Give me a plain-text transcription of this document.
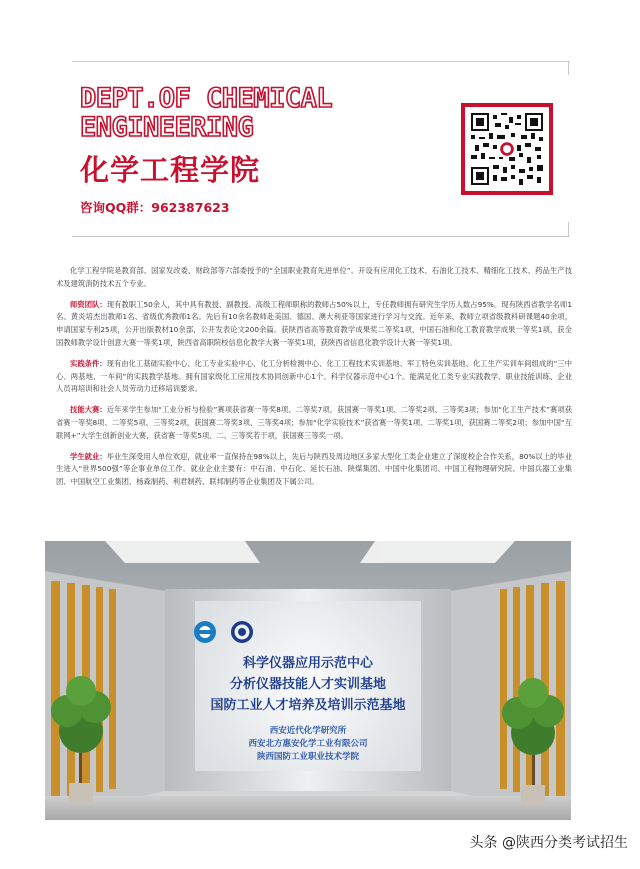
DEPT.OF CHEMICAL
ENGINEERING
化学工程学院
咨询QQ群：962387623

化学工程学院是教育部、国家发改委、财政部等六部委授予的“全国职业教育先进单位”。开设有应用化工技术、石油化工技术、精细化工技术、药品生产技术及建筑消防技术五个专业。

师资团队：现有教职工50余人，其中具有教授、副教授、高级工程师职称的教师占50%以上，专任教师拥有研究生学历人数占95%。现有陕西省教学名师1名、黄炎培杰出教师1名、省级优秀教师1名。先后有10余名教师赴美国、德国、澳大利亚等国家进行学习与交流。近年来，教师立项省级教科研课题40余项，申请国家专利25项，公开出版教材10余部，公开发表论文200余篇。获陕西省高等教育教学成果奖二等奖1项，中国石油和化工教育教学成果一等奖1项，获全国教师教学设计创意大赛一等奖1项，陕西省高职院校信息化教学大赛一等奖1项，获陕西省信息化教学设计大赛一等奖1项。

实践条件：现有由化工基础实验中心、化工专业实验中心、化工分析检测中心、化工工程技术实训基地、军工特色实训基地、化工生产实训车间组成的“三中心、两基地、一车间”的实践教学基地。拥有国家级化工应用技术协同创新中心1个、科学仪器示范中心1个。能满足化工类专业实践教学、职业技能训练、企业人员再培训和社会人员劳动力迁移培训要求。

技能大赛：近年来学生参加“工业分析与检验”赛项获省赛一等奖8项、二等奖7项，获国赛一等奖1项、二等奖2项、三等奖3项；参加“化工生产技术”赛项获省赛一等奖8项、二等奖5项、三等奖2项，获国赛二等奖3项、三等奖4项；参加“化学实验技术”获省赛一等奖1项、二等奖1项，获国赛二等奖2项；参加中国“互联网+”大学生创新创业大赛，获省赛一等奖5项、二、三等奖若干项，获国赛三等奖一项。

学生就业：毕业生深受用人单位欢迎，就业率一直保持在98%以上，先后与陕西及周边地区多家大型化工类企业建立了深度校企合作关系，80%以上的毕业生进入“世界500强”等企事业单位工作。就业企业主要有：中石油、中石化、延长石油、陕煤集团、中国中化集团司、中国工程物理研究院、中国兵器工业集团、中国航空工业集团、杨森制药、利君制药、联邦制药等企业集团及下属公司。

科学仪器应用示范中心
分析仪器技能人才实训基地
国防工业人才培养及培训示范基地
西安近代化学研究所
西安北方惠安化学工业有限公司
陕西国防工业职业技术学院
头条 @陕西分类考试招生
